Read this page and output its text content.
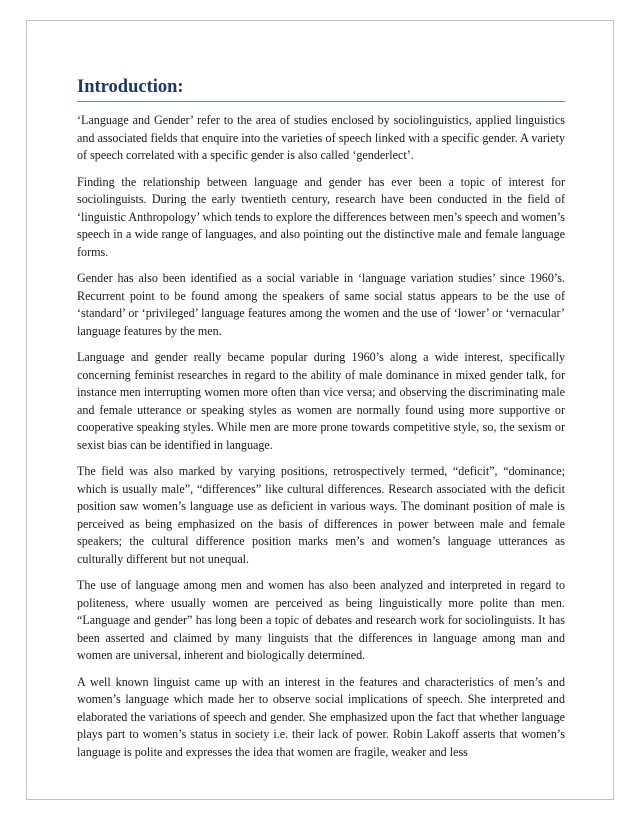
Introduction:

‘Language and Gender’ refer to the area of studies enclosed by sociolinguistics, applied linguistics and associated fields that enquire into the varieties of speech linked with a specific gender. A variety of speech correlated with a specific gender is also called ‘genderlect’.

Finding the relationship between language and gender has ever been a topic of interest for sociolinguists. During the early twentieth century, research have been conducted in the field of ‘linguistic Anthropology’ which tends to explore the differences between men’s speech and women’s speech in a wide range of languages, and also pointing out the distinctive male and female language forms.

Gender has also been identified as a social variable in ‘language variation studies’ since 1960’s. Recurrent point to be found among the speakers of same social status appears to be the use of ‘standard’ or ‘privileged’ language features among the women and the use of ‘lower’ or ‘vernacular’ language features by the men.

Language and gender really became popular during 1960’s along a wide interest, specifically concerning feminist researches in regard to the ability of male dominance in mixed gender talk, for instance men interrupting women more often than vice versa; and observing the discriminating male and female utterance or speaking styles as women are normally found using more supportive or cooperative speaking styles. While men are more prone towards competitive style, so, the sexism or sexist bias can be identified in language.

The field was also marked by varying positions, retrospectively termed, “deficit”, “dominance; which is usually male”, “differences” like cultural differences. Research associated with the deficit position saw women’s language use as deficient in various ways. The dominant position of male is perceived as being emphasized on the basis of differences in power between male and female speakers; the cultural difference position marks men’s and women’s language utterances as culturally different but not unequal.

The use of language among men and women has also been analyzed and interpreted in regard to politeness, where usually women are perceived as being linguistically more polite than men. “Language and gender” has long been a topic of debates and research work for sociolinguists. It has been asserted and claimed by many linguists that the differences in language among man and women are universal, inherent and biologically determined.

A well known linguist came up with an interest in the features and characteristics of men’s and women’s language which made her to observe social implications of speech. She interpreted and elaborated the variations of speech and gender. She emphasized upon the fact that whether language plays part to women’s status in society i.e. their lack of power. Robin Lakoff asserts that women’s language is polite and expresses the idea that women are fragile, weaker and less
